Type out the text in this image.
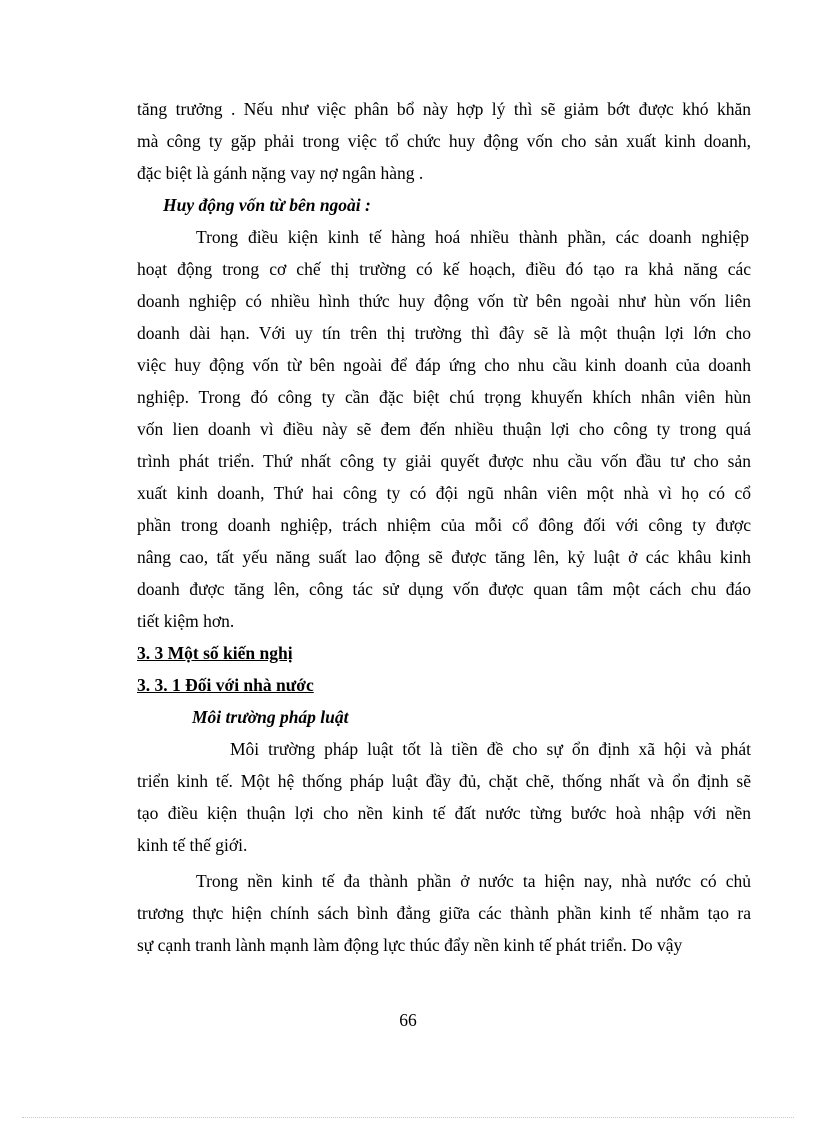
tăng trưởng . Nếu như việc phân bổ này hợp lý thì sẽ giảm bớt được khó khăn
mà công ty gặp phải trong việc tổ chức huy động vốn cho sản xuất kinh doanh,
đặc biệt là gánh nặng vay nợ ngân hàng .
Huy động vốn từ bên ngoài :
Trong điều kiện kinh tế hàng hoá nhiều thành phần, các doanh nghiệp
hoạt động trong cơ chế thị trường có kế hoạch, điều đó tạo ra khả năng các
doanh nghiệp có nhiều hình thức huy động vốn từ bên ngoài như hùn vốn liên
doanh dài hạn. Với uy tín trên thị trường thì đây sẽ là một thuận lợi lớn cho
việc huy động vốn từ bên ngoài để đáp ứng cho nhu cầu kinh doanh của doanh
nghiệp. Trong đó công ty cần đặc biệt chú trọng khuyến khích nhân viên hùn
vốn lien doanh vì điều này sẽ đem đến nhiều thuận lợi cho công ty trong quá
trình phát triển. Thứ nhất công ty giải quyết được nhu cầu vốn đầu tư cho sản
xuất kinh doanh, Thứ hai công ty có đội ngũ nhân viên một nhà vì họ có cổ
phần trong doanh nghiệp, trách nhiệm của mỗi cổ đông đối với công ty được
nâng cao, tất yếu năng suất lao động sẽ được tăng lên, kỷ luật ở các khâu kinh
doanh được tăng lên, công tác sử dụng vốn được quan tâm một cách chu đáo
tiết kiệm hơn.
3. 3 Một số kiến nghị
3. 3. 1 Đối với nhà nước
Môi trường pháp luật
Môi trường pháp luật tốt là tiền đề cho sự ổn định xã hội và phát
triển kinh tế. Một hệ thống pháp luật đầy đủ, chặt chẽ, thống nhất và ổn định sẽ
tạo điều kiện thuận lợi cho nền kinh tế đất nước từng bước hoà nhập với nền
kinh tế thế giới.
Trong nền kinh tế đa thành phần ở nước ta hiện nay, nhà nước có chủ
trương thực hiện chính sách bình đẳng giữa các thành phần kinh tế nhằm tạo ra
sự cạnh tranh lành mạnh làm động lực thúc đẩy nền kinh tế phát triển. Do vậy
66
